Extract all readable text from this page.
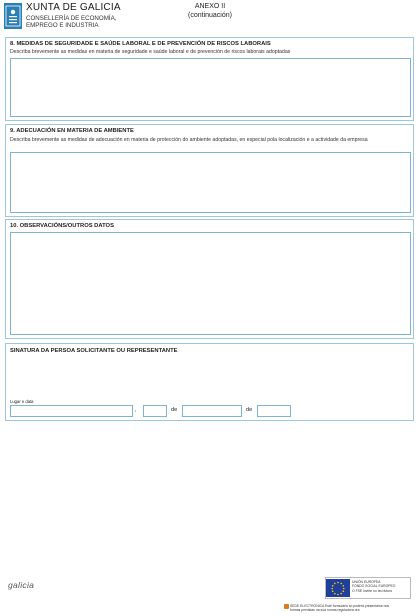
XUNTA DE GALICIA
CONSELLERÍA DE ECONOMÍA,
EMPREGO E INDUSTRIA
ANEXO II
(continuación)
8. MEDIDAS DE SEGURIDADE E SAÚDE LABORAL E DE PREVENCIÓN DE RISCOS LABORAIS
Describa brevemente as medidas en materia de seguridade e saúde laboral e de prevención de riscos laborais adoptadas
9. ADECUACIÓN EN MATERIA DE AMBIENTE
Describa brevemente as medidas de adecuación en materia de protección do ambiente adoptadas, en especial pola localización e a actividade da empresa
10. OBSERVACIÓNS/OUTROS DATOS
SINATURA DA PERSOA SOLICITANTE OU REPRESENTANTE
Lugar e data
,	de	de
galicia	UNIÓN EUROPEA
FONDO SOCIAL EUROPEO
O FSE invirte no teu futuro
SEDE ELECTRÓNICA Este formulario só poderá presentarse nos
formas previstas na súa norma reguladora ora
